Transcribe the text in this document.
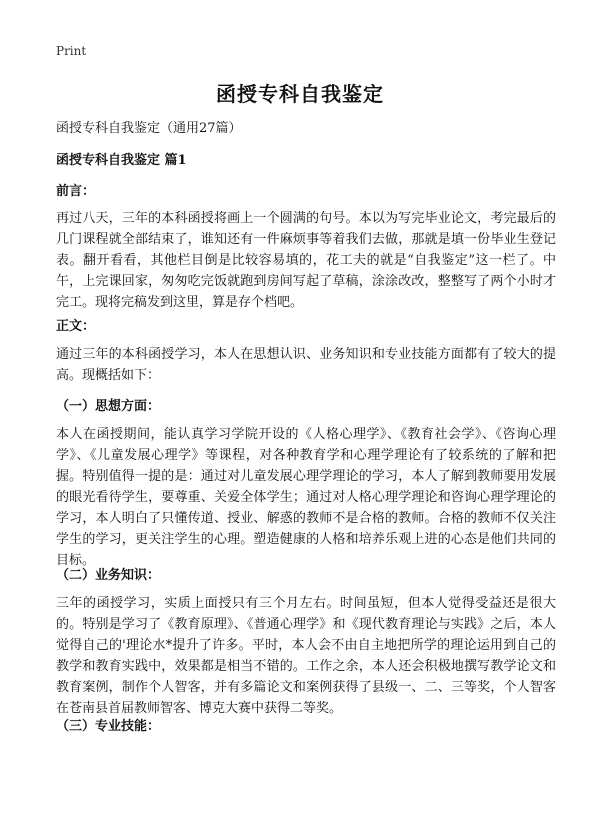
Print
函授专科自我鉴定
函授专科自我鉴定（通用27篇）
函授专科自我鉴定 篇1
前言：
再过八天，三年的本科函授将画上一个圆满的句号。本以为写完毕业论文，考完最后的几门课程就全部结束了，谁知还有一件麻烦事等着我们去做，那就是填一份毕业生登记表。翻开看看，其他栏目倒是比较容易填的，花工夫的就是“自我鉴定”这一栏了。中午，上完课回家，匆匆吃完饭就跑到房间写起了草稿，涂涂改改，整整写了两个小时才完工。现将完稿发到这里，算是存个档吧。
正文：
通过三年的本科函授学习，本人在思想认识、业务知识和专业技能方面都有了较大的提高。现概括如下：
（一）思想方面：
本人在函授期间，能认真学习学院开设的《人格心理学》、《教育社会学》、《咨询心理学》、《儿童发展心理学》等课程，对各种教育学和心理学理论有了较系统的了解和把握。特别值得一提的是：通过对儿童发展心理学理论的学习，本人了解到教师要用发展的眼光看待学生，要尊重、关爱全体学生；通过对人格心理学理论和咨询心理学理论的学习，本人明白了只懂传道、授业、解惑的教师不是合格的教师。合格的教师不仅关注学生的学习，更关注学生的心理。塑造健康的人格和培养乐观上进的心态是他们共同的目标。
（二）业务知识：
三年的函授学习，实质上面授只有三个月左右。时间虽短，但本人觉得受益还是很大的。特别是学习了《教育原理》、《普通心理学》和《现代教育理论与实践》之后，本人觉得自己的'理论水*提升了许多。平时，本人会不由自主地把所学的理论运用到自己的教学和教育实践中，效果都是相当不错的。工作之余，本人还会积极地撰写教学论文和教育案例，制作个人智客，并有多篇论文和案例获得了县级一、二、三等奖，个人智客在苍南县首届教师智客、博克大赛中获得二等奖。
（三）专业技能：
